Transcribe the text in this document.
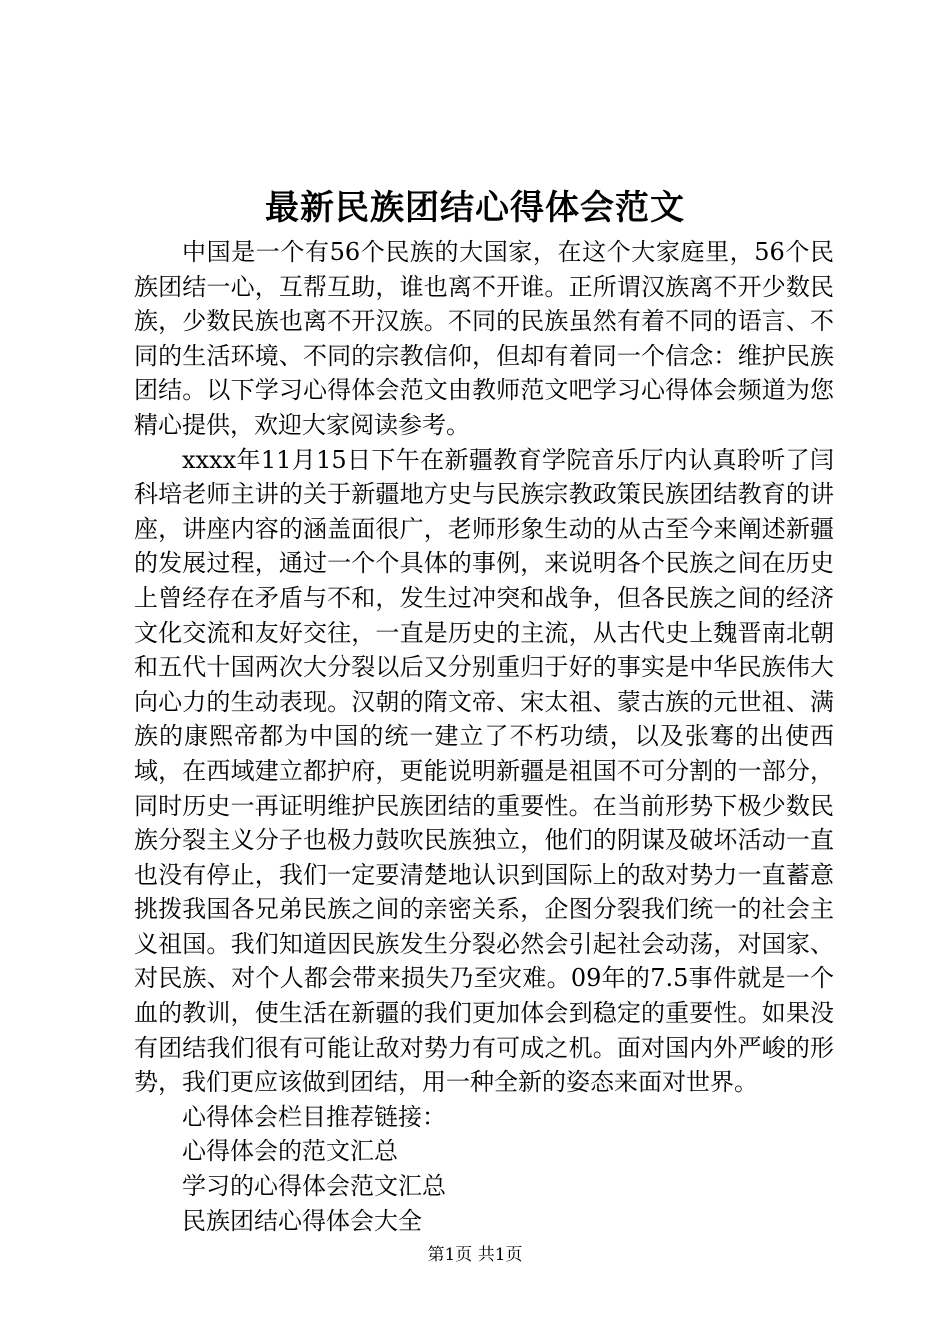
最新民族团结心得体会范文

中国是一个有56个民族的大国家，在这个大家庭里，56个民族团结一心，互帮互助，谁也离不开谁。正所谓汉族离不开少数民族，少数民族也离不开汉族。不同的民族虽然有着不同的语言、不同的生活环境、不同的宗教信仰，但却有着同一个信念：维护民族团结。以下学习心得体会范文由教师范文吧学习心得体会频道为您精心提供，欢迎大家阅读参考。

xxxx年11月15日下午在新疆教育学院音乐厅内认真聆听了闫科培老师主讲的关于新疆地方史与民族宗教政策民族团结教育的讲座，讲座内容的涵盖面很广，老师形象生动的从古至今来阐述新疆的发展过程，通过一个个具体的事例，来说明各个民族之间在历史上曾经存在矛盾与不和，发生过冲突和战争，但各民族之间的经济文化交流和友好交往，一直是历史的主流，从古代史上魏晋南北朝和五代十国两次大分裂以后又分别重归于好的事实是中华民族伟大向心力的生动表现。汉朝的隋文帝、宋太祖、蒙古族的元世祖、满族的康熙帝都为中国的统一建立了不朽功绩，以及张骞的出使西域，在西域建立都护府，更能说明新疆是祖国不可分割的一部分，同时历史一再证明维护民族团结的重要性。在当前形势下极少数民族分裂主义分子也极力鼓吹民族独立，他们的阴谋及破坏活动一直也没有停止，我们一定要清楚地认识到国际上的敌对势力一直蓄意挑拨我国各兄弟民族之间的亲密关系，企图分裂我们统一的社会主义祖国。我们知道因民族发生分裂必然会引起社会动荡，对国家、对民族、对个人都会带来损失乃至灾难。09年的7.5事件就是一个血的教训，使生活在新疆的我们更加体会到稳定的重要性。如果没有团结我们很有可能让敌对势力有可成之机。面对国内外严峻的形势，我们更应该做到团结，用一种全新的姿态来面对世界。

心得体会栏目推荐链接：
心得体会的范文汇总
学习的心得体会范文汇总
民族团结心得体会大全
第1页 共1页
